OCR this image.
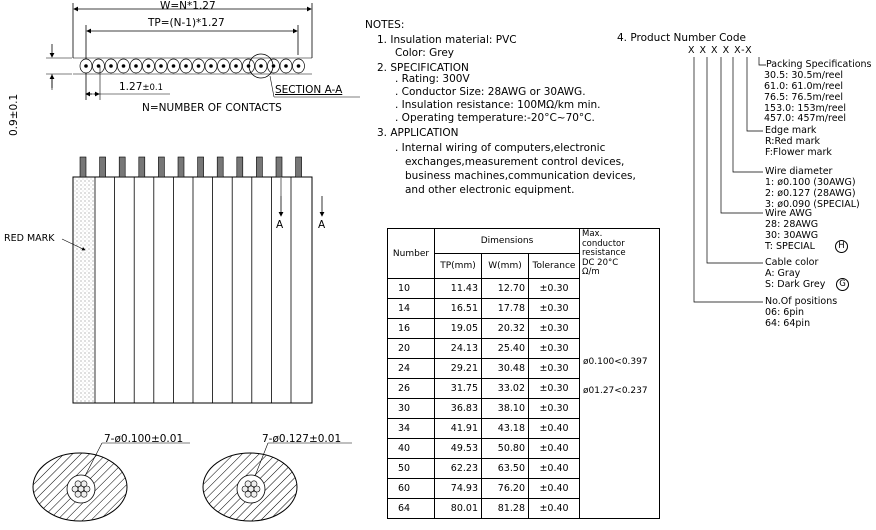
W=N*1.27
TP=(N-1)*1.27
1.27±0.1	SECTION A-A
N=NUMBER OF CONTACTS
0.9±0.1
RED MARK
A	A
7-ø0.100±0.01	7-ø0.127±0.01
NOTES:
1. Insulation material: PVC
Color: Grey
2. SPECIFICATION
. Rating: 300V
. Conductor Size: 28AWG or 30AWG.
. Insulation resistance: 100MΩ/km min.
. Operating temperature:-20°C~70°C.
3. APPLICATION
. Internal wiring of computers,electronic
exchanges,measurement control devices,
business machines,communication devices,
and other electronic equipment.
4. Product Number Code
X X X X X-X
Packing Specifications
30.5: 30.5m/reel
61.0: 61.0m/reel
76.5: 76.5m/reel
153.0: 153m/reel
457.0: 457m/reel
Edge mark
R:Red mark
F:Flower mark
Wire diameter
1: ø0.100 (30AWG)
2: ø0.127 (28AWG)
3: ø0.090 (SPECIAL)
Wire AWG
28: 28AWG
30: 30AWG
T: SPECIAL	H
Cable color
A: Gray
S: Dark Grey	G
No.Of positions
06: 6pin
64: 64pin
Number	Dimensions			Max.
conductor
resistance
DC 20°C
Ω/m

	TP(mm)	W(mm)	Tolerance	
10	11.43	12.70	±0.30	ø0.100<0.397
ø01.27<0.237

14	16.51	17.78	±0.30	
16	19.05	20.32	±0.30	
20	24.13	25.40	±0.30	
24	29.21	30.48	±0.30	
26	31.75	33.02	±0.30	
30	36.83	38.10	±0.30	
34	41.91	43.18	±0.40	
40	49.53	50.80	±0.40	
50	62.23	63.50	±0.40	
60	74.93	76.20	±0.40	
64	80.01	81.28	±0.40	
